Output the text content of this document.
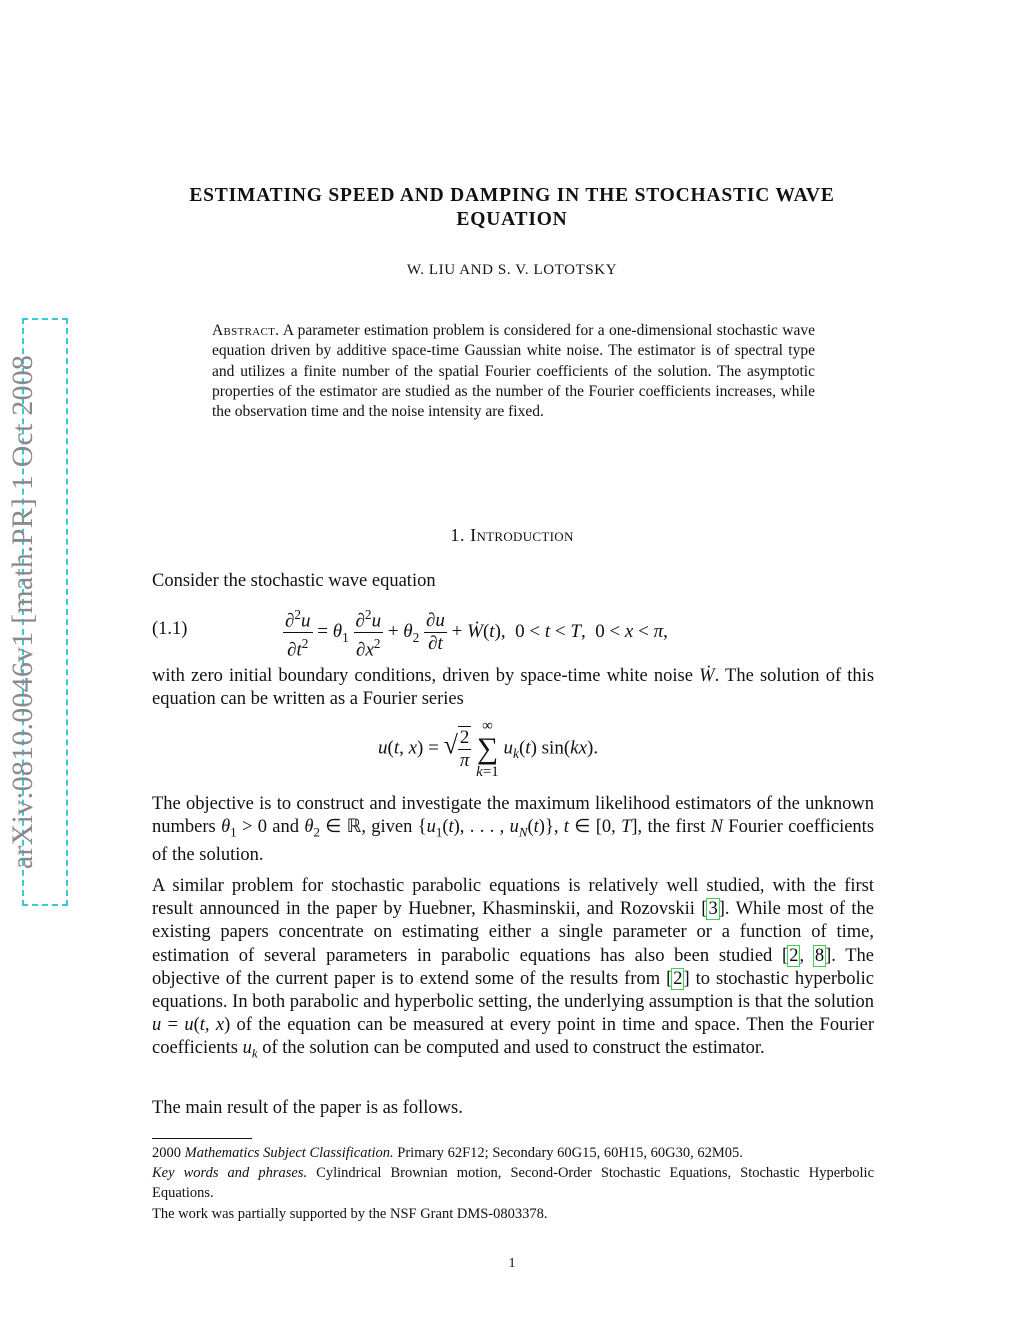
arXiv:0810.0046v1 [math.PR] 1 Oct 2008
ESTIMATING SPEED AND DAMPING IN THE STOCHASTIC WAVE EQUATION
W. LIU AND S. V. LOTOTSKY
Abstract. A parameter estimation problem is considered for a one-dimensional stochastic wave equation driven by additive space-time Gaussian white noise. The estimator is of spectral type and utilizes a finite number of the spatial Fourier coefficients of the solution. The asymptotic properties of the estimator are studied as the number of the Fourier coefficients increases, while the observation time and the noise intensity are fixed.
1. Introduction
Consider the stochastic wave equation
(1.1)	$\frac{\partial^2u}{\partial t^2} = \theta_1 \frac{\partial^2u}{\partial x^2} + \theta_2 \frac{\partial u}{\partial t}$ + Ẇ(t),  0 < t < T,  0 < x < π,
with zero initial boundary conditions, driven by space-time white noise Ẇ. The solution of this equation can be written as a Fourier series
u(t, x) = √ $\frac{2}{\pi}$ ∞
∑
k=1 $u_k(t)$ sin(kx).
The objective is to construct and investigate the maximum likelihood estimators of the unknown numbers $\theta_1 > 0$ and $\theta_2$ ∈ ℝ, given {$u_1(t)$, . . . , $u_N(t)$}, t ∈ [0, T], the first N Fourier coefficients of the solution.
A similar problem for stochastic parabolic equations is relatively well studied, with the first result announced in the paper by Huebner, Khasminskii, and Rozovskii [3]. While most of the existing papers concentrate on estimating either a single parameter or a function of time, estimation of several parameters in parabolic equations has also been studied [2, 8]. The objective of the current paper is to extend some of the results from [2] to stochastic hyperbolic equations. In both parabolic and hyperbolic setting, the underlying assumption is that the solution u = u(t, x) of the equation can be measured at every point in time and space. Then the Fourier coefficients $u_k$ of the solution can be computed and used to construct the estimator.
The main result of the paper is as follows.
2000 Mathematics Subject Classification. Primary 62F12; Secondary 60G15, 60H15, 60G30, 62M05.
Key words and phrases. Cylindrical Brownian motion, Second-Order Stochastic Equations, Stochastic Hyperbolic Equations.
The work was partially supported by the NSF Grant DMS-0803378.
1
